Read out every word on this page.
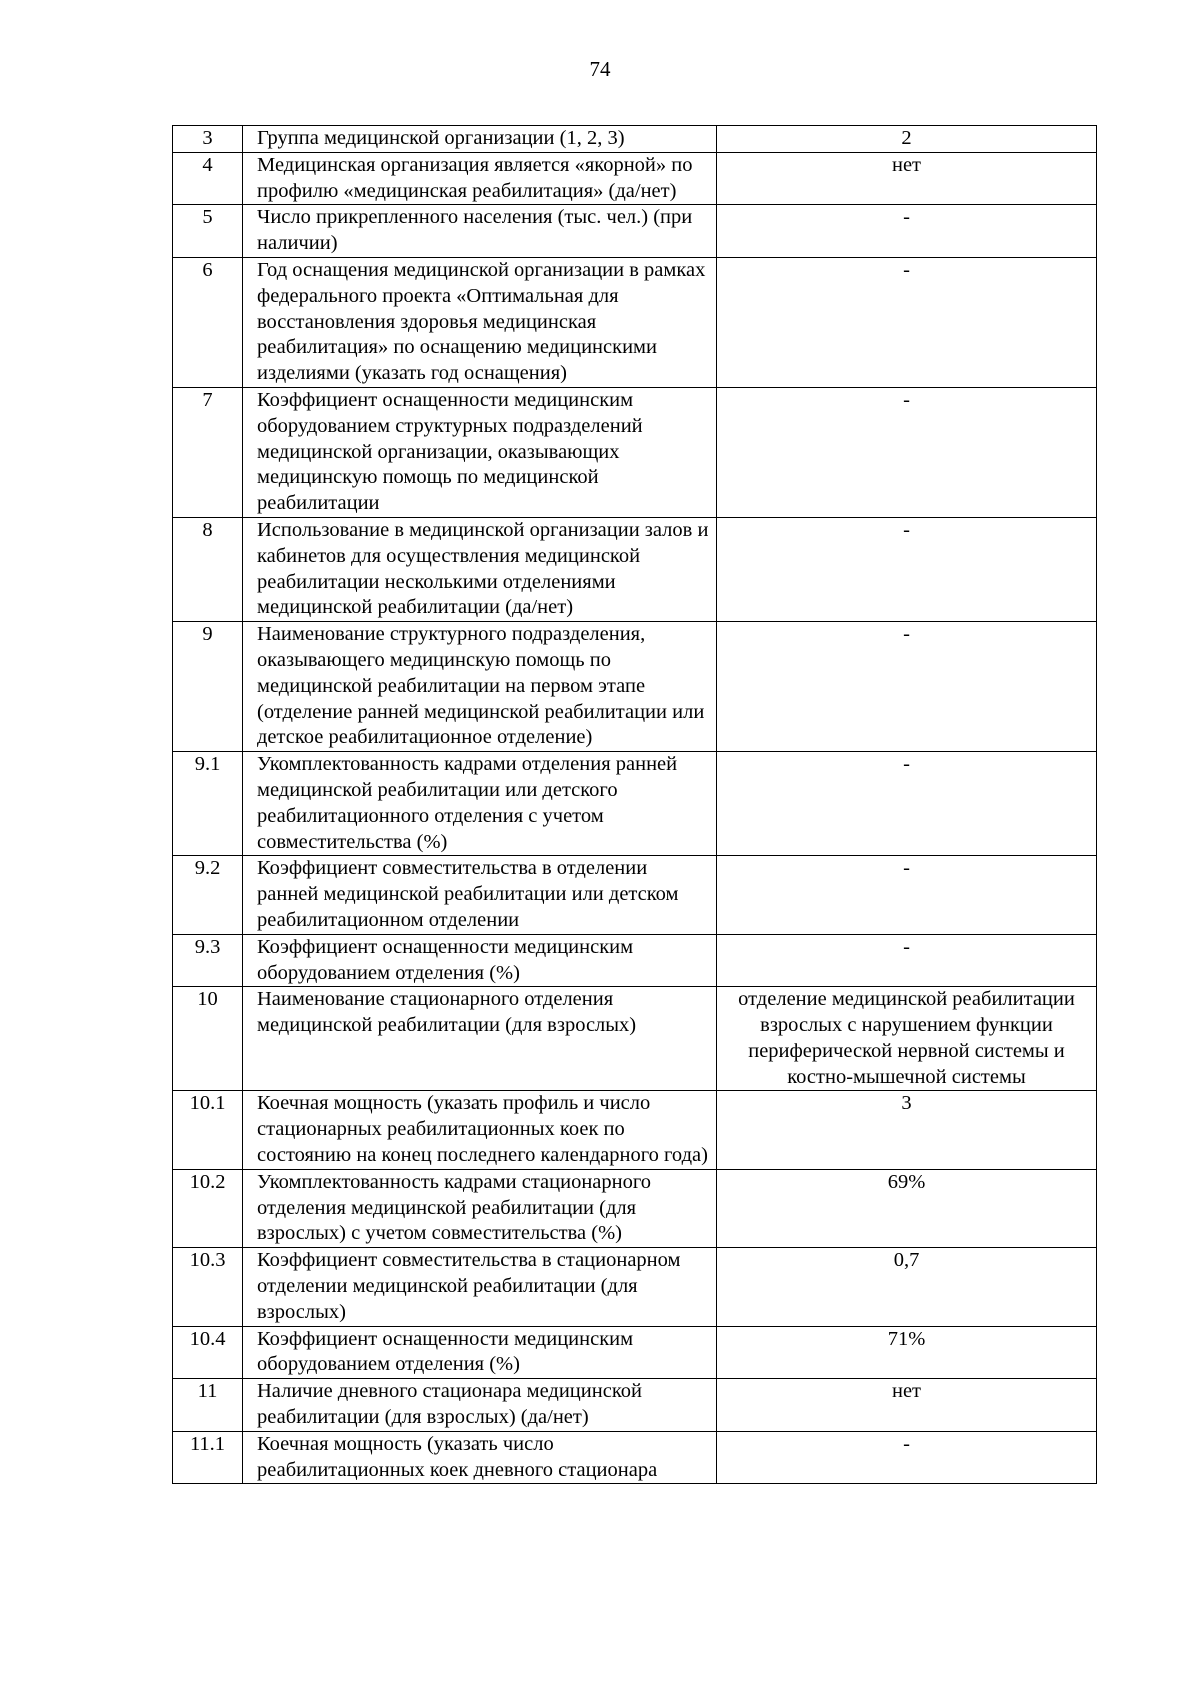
74
3	Группа медицинской организации (1, 2, 3)	2
4	Медицинская организация является «якорной» по профилю «медицинская реабилитация» (да/нет)	нет
5	Число прикрепленного населения (тыс. чел.) (при наличии)	-
6	Год оснащения медицинской организации в рамках федерального проекта «Оптимальная для восстановления здоровья медицинская реабилитация» по оснащению медицинскими изделиями (указать год оснащения)	-
7	Коэффициент оснащенности медицинским оборудованием структурных подразделений медицинской организации, оказывающих медицинскую помощь по медицинской реабилитации	-
8	Использование в медицинской организации залов и кабинетов для осуществления медицинской реабилитации несколькими отделениями медицинской реабилитации (да/нет)	-
9	Наименование структурного подразделения, оказывающего медицинскую помощь по медицинской реабилитации на первом этапе (отделение ранней медицинской реабилитации или детское реабилитационное отделение)	-
9.1	Укомплектованность кадрами отделения ранней медицинской реабилитации или детского реабилитационного отделения с учетом совместительства (%)	-
9.2	Коэффициент совместительства в отделении ранней медицинской реабилитации или детском реабилитационном отделении	-
9.3	Коэффициент оснащенности медицинским оборудованием отделения (%)	-
10	Наименование стационарного отделения медицинской реабилитации (для взрослых)	отделение медицинской реабилитации взрослых с нарушением функции периферической нервной системы и костно-мышечной системы
10.1	Коечная мощность (указать профиль и число стационарных реабилитационных коек по состоянию на конец последнего календарного года)	3
10.2	Укомплектованность кадрами стационарного отделения медицинской реабилитации (для взрослых) с учетом совместительства (%)	69%
10.3	Коэффициент совместительства в стационарном отделении медицинской реабилитации (для взрослых)	0,7
10.4	Коэффициент оснащенности медицинским оборудованием отделения (%)	71%
11	Наличие дневного стационара медицинской реабилитации (для взрослых) (да/нет)	нет
11.1	Коечная мощность (указать число реабилитационных коек дневного стационара	-
